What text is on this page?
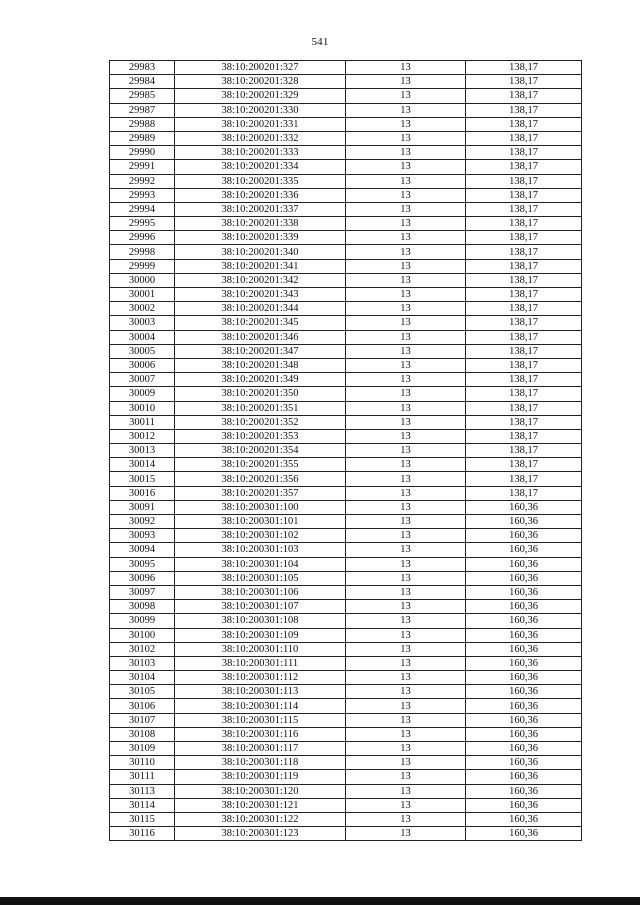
541
29983	38:10:200201:327	13	138,17
29984	38:10:200201:328	13	138,17
29985	38:10:200201:329	13	138,17
29987	38:10:200201:330	13	138,17
29988	38:10:200201:331	13	138,17
29989	38:10:200201:332	13	138,17
29990	38:10:200201:333	13	138,17
29991	38:10:200201:334	13	138,17
29992	38:10:200201:335	13	138,17
29993	38:10:200201:336	13	138,17
29994	38:10:200201:337	13	138,17
29995	38:10:200201:338	13	138,17
29996	38:10:200201:339	13	138,17
29998	38:10:200201:340	13	138,17
29999	38:10:200201:341	13	138,17
30000	38:10:200201:342	13	138,17
30001	38:10:200201:343	13	138,17
30002	38:10:200201:344	13	138,17
30003	38:10:200201:345	13	138,17
30004	38:10:200201:346	13	138,17
30005	38:10:200201:347	13	138,17
30006	38:10:200201:348	13	138,17
30007	38:10:200201:349	13	138,17
30009	38:10:200201:350	13	138,17
30010	38:10:200201:351	13	138,17
30011	38:10:200201:352	13	138,17
30012	38:10:200201:353	13	138,17
30013	38:10:200201:354	13	138,17
30014	38:10:200201:355	13	138,17
30015	38:10:200201:356	13	138,17
30016	38:10:200201:357	13	138,17
30091	38:10:200301:100	13	160,36
30092	38:10:200301:101	13	160,36
30093	38:10:200301:102	13	160,36
30094	38:10:200301:103	13	160,36
30095	38:10:200301:104	13	160,36
30096	38:10:200301:105	13	160,36
30097	38:10:200301:106	13	160,36
30098	38:10:200301:107	13	160,36
30099	38:10:200301:108	13	160,36
30100	38:10:200301:109	13	160,36
30102	38:10:200301:110	13	160,36
30103	38:10:200301:111	13	160,36
30104	38:10:200301:112	13	160,36
30105	38:10:200301:113	13	160,36
30106	38:10:200301:114	13	160,36
30107	38:10:200301:115	13	160,36
30108	38:10:200301:116	13	160,36
30109	38:10:200301:117	13	160,36
30110	38:10:200301:118	13	160,36
30111	38:10:200301:119	13	160,36
30113	38:10:200301:120	13	160,36
30114	38:10:200301:121	13	160,36
30115	38:10:200301:122	13	160,36
30116	38:10:200301:123	13	160,36
